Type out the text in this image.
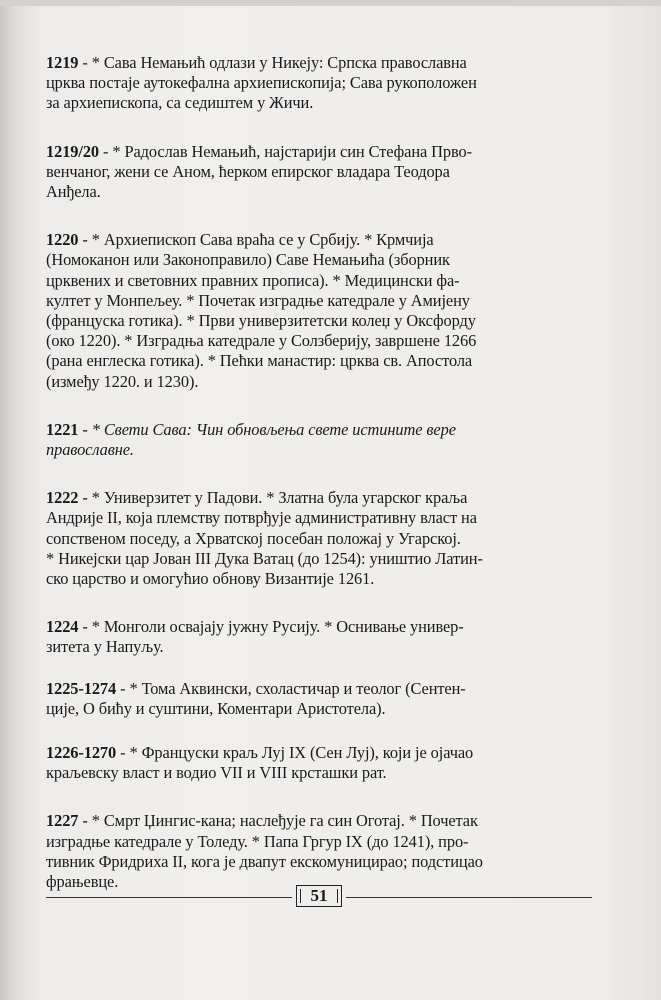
1219 - * Сава Немањић одлази у Никеју: Српска православна
црква постаје аутокефална архиепископија; Сава рукоположен
за архиепископа, са седиштем у Жичи.

1219/20 - * Радослав Немањић, најстарији син Стефана Прво-
венчаног, жени се Аном, ћерком епирског владара Теодора
Анђела.

1220 - * Архиепископ Сава враћа се у Србију. * Крмчија
(Номоканон или Законоправило) Саве Немањића (зборник
црквених и световних правних прописа). * Медицински фа-
култет у Монпељеу. * Почетак изградње катедрале у Амијену
(француска готика). * Први универзитетски колеџ у Оксфорду
(око 1220). * Изградња катедрале у Солзберију, завршене 1266
(рана енглеска готика). * Пећки манастир: црква св. Апостола
(између 1220. и 1230).

1221 - * Свети Сава: Чин обновљења свете истините вере
православне.

1222 - * Универзитет у Падови. * Златна була угарског краља
Андрије II, која племству потврђује административну власт на
сопственом поседу, а Хрватској посебан положај у Угарској.
* Никејски цар Јован III Дука Ватац (до 1254): уништио Латин-
ско царство и омогућио обнову Византије 1261.

1224 - * Монголи освајају јужну Русију. * Оснивање универ-
зитета у Напуљу.

1225-1274 - * Тома Аквински, схоластичар и теолог (Сентен-
ције, О бићу и суштини, Коментари Аристотела).

1226-1270 - * Француски краљ Луј IX (Сен Луј), који је ојачао
краљевску власт и водио VII и VIII крсташки рат.

1227 - * Смрт Џингис-кана; наслеђује га син Оготај. * Почетак
изградње катедрале у Толеду. * Папа Гргур IX (до 1241), про-
тивник Фридриха II, кога је двапут екскомуницирао; подстицао
фрањевце.

51
